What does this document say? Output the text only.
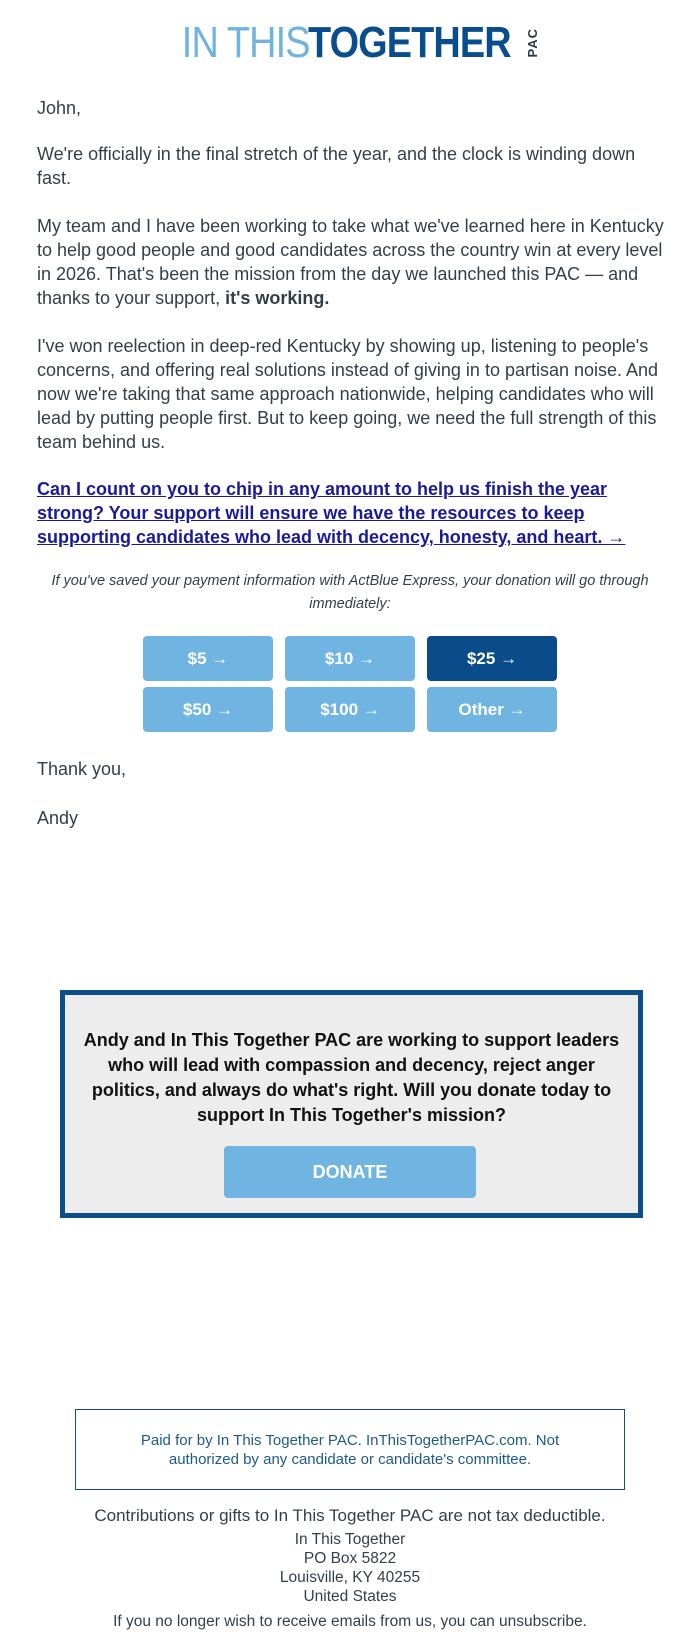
IN THIS
TOGETHER PAC
John,
We're officially in the final stretch of the year, and the clock is winding down fast.
My team and I have been working to take what we've learned here in Kentucky to help good people and good candidates across the country win at every level in 2026. That's been the mission from the day we launched this PAC — and thanks to your support, it's working.
I've won reelection in deep-red Kentucky by showing up, listening to people's concerns, and offering real solutions instead of giving in to partisan noise. And now we're taking that same approach nationwide, helping candidates who will lead by putting people first. But to keep going, we need the full strength of this team behind us.
Can I count on you to chip in any amount to help us finish the year strong? Your support will ensure we have the resources to keep supporting candidates who lead with decency, honesty, and heart. →
If you've saved your payment information with ActBlue Express, your donation will go through immediately:
$5 →	$10 →	$25 →
$50 →	$100 →	Other →
Thank you,
Andy
Andy and In This Together PAC are working to support leaders who will lead with compassion and decency, reject anger politics, and always do what's right. Will you donate today to support In This Together's mission?
DONATE
Paid for by In This Together PAC. InThisTogetherPAC.com. Not authorized by any candidate or candidate's committee.
Contributions or gifts to In This Together PAC are not tax deductible.
In This Together
PO Box 5822
Louisville, KY 40255
United States
If you no longer wish to receive emails from us, you can unsubscribe.
